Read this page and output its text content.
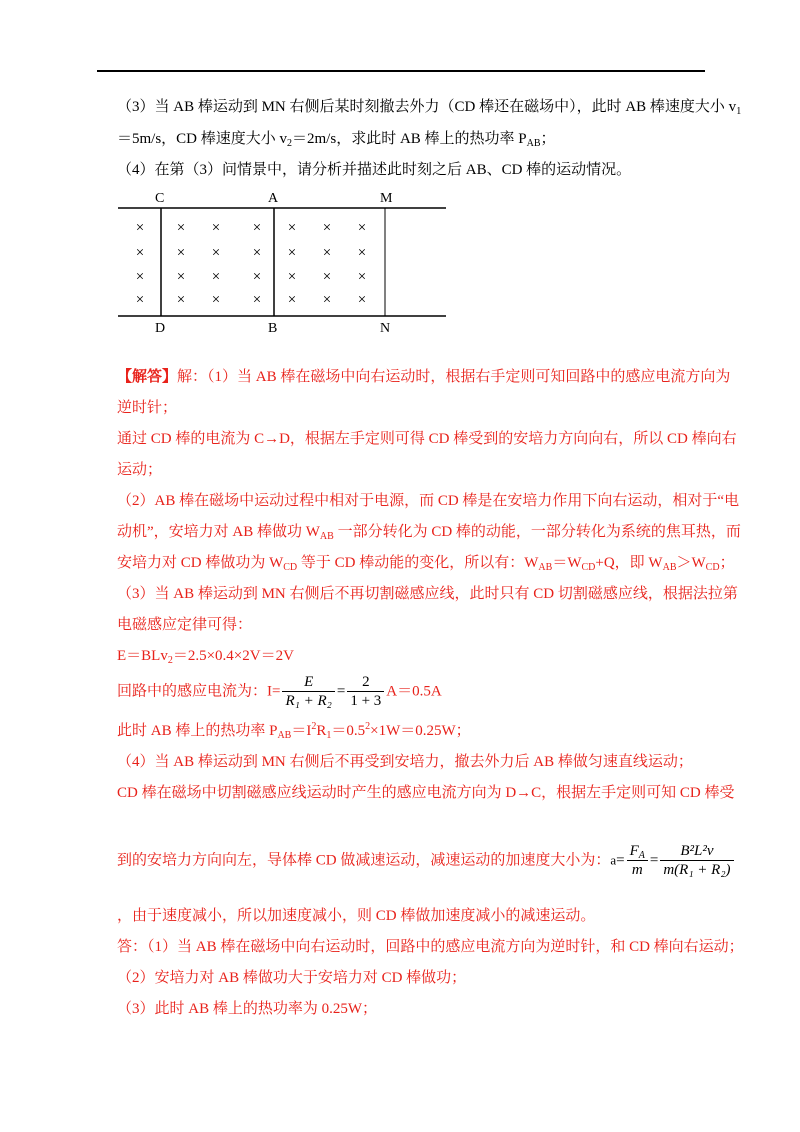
（3）当 AB 棒运动到 MN 右侧后某时刻撤去外力（CD 棒还在磁场中），此时 AB 棒速度大小 $v_1$
＝5m/s，CD 棒速度大小 $v_2=2m/s$，求此时 AB 棒上的热功率 $P_{AB}$；
（4）在第（3）问情景中，请分析并描述此时刻之后 AB、CD 棒的运动情况。
C	A	M
D	B	N
× × × × × × ×
× × × × × × ×
× × × × × × ×
× × × × × × ×
【解答】解：（1）当 AB 棒在磁场中向右运动时，根据右手定则可知回路中的感应电流方向为
逆时针；
通过 CD 棒的电流为 C→D，根据左手定则可得 CD 棒受到的安培力方向向右，所以 CD 棒向右
运动；
（2）AB 棒在磁场中运动过程中相对于电源，而 CD 棒是在安培力作用下向右运动，相对于“电
动机”，安培力对 AB 棒做功 $W_{AB}$ 一部分转化为 CD 棒的动能，一部分转化为系统的焦耳热，而
安培力对 CD 棒做功为 $W_{CD}$ 等于 CD 棒动能的变化，所以有：$W_{AB}=W_{CD}+Q$，即 $W_{AB}>W_{CD}$；
（3）当 AB 棒运动到 MN 右侧后不再切割磁感应线，此时只有 CD 切割磁感应线，根据法拉第
电磁感应定律可得：
E＝BLv$_2$＝2.5×0.4×2V＝2V
回路中的感应电流为：$I= \frac{E}{\text{R₁ + R₂}} = \frac{2}{1 + 3} A=0.5A$
此时 AB 棒上的热功率 $P_{AB}=I^2R_1=0.5^2\times 1W=0.25W$；
（4）当 AB 棒运动到 MN 右侧后不再受到安培力，撤去外力后 AB 棒做匀速直线运动；
CD 棒在磁场中切割磁感应线运动时产生的感应电流方向为 D→C，根据左手定则可知 CD 棒受
到的安培力方向向左，导体棒 CD 做减速运动，减速运动的加速度大小为：$a= \frac{F_A}{m} = \frac{\text{B²L²v}}{\text{m(R₁ + R₂)}}$
，由于速度减小，所以加速度减小，则 CD 棒做加速度减小的减速运动。
答：（1）当 AB 棒在磁场中向右运动时，回路中的感应电流方向为逆时针，和 CD 棒向右运动；
（2）安培力对 AB 棒做功大于安培力对 CD 棒做功；
（3）此时 AB 棒上的热功率为 0.25W；
